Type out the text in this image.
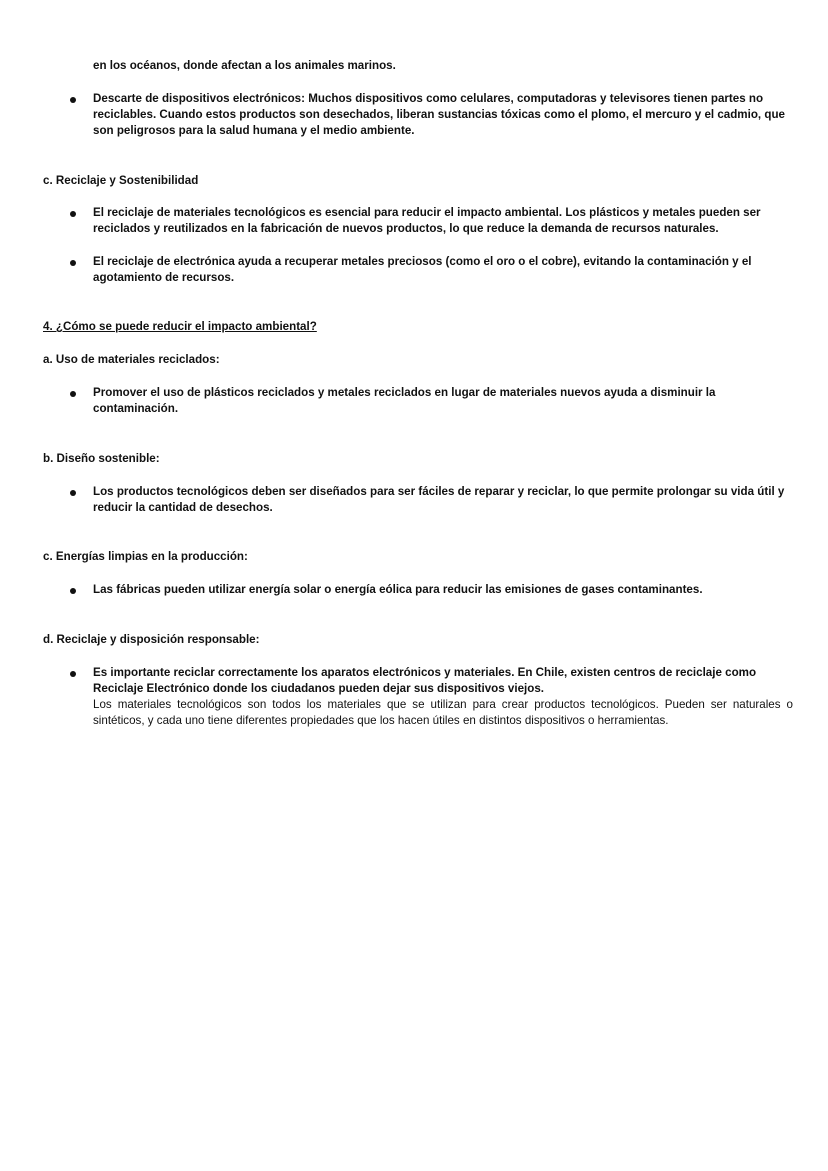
en los océanos, donde afectan a los animales marinos.
Descarte de dispositivos electrónicos: Muchos dispositivos como celulares, computadoras y televisores tienen partes no reciclables. Cuando estos productos son desechados, liberan sustancias tóxicas como el plomo, el mercuro y el cadmio, que son peligrosos para la salud humana y el medio ambiente.
c. Reciclaje y Sostenibilidad
El reciclaje de materiales tecnológicos es esencial para reducir el impacto ambiental. Los plásticos y metales pueden ser reciclados y reutilizados en la fabricación de nuevos productos, lo que reduce la demanda de recursos naturales.
El reciclaje de electrónica ayuda a recuperar metales preciosos (como el oro o el cobre), evitando la contaminación y el agotamiento de recursos.
4. ¿Cómo se puede reducir el impacto ambiental?
a. Uso de materiales reciclados:
Promover el uso de plásticos reciclados y metales reciclados en lugar de materiales nuevos ayuda a disminuir la contaminación.
b. Diseño sostenible:
Los productos tecnológicos deben ser diseñados para ser fáciles de reparar y reciclar, lo que permite prolongar su vida útil y reducir la cantidad de desechos.
c. Energías limpias en la producción:
Las fábricas pueden utilizar energía solar o energía eólica para reducir las emisiones de gases contaminantes.
d. Reciclaje y disposición responsable:
Es importante reciclar correctamente los aparatos electrónicos y materiales. En Chile, existen centros de reciclaje como Reciclaje Electrónico donde los ciudadanos pueden dejar sus dispositivos viejos.
Los materiales tecnológicos son todos los materiales que se utilizan para crear productos tecnológicos. Pueden ser naturales o sintéticos, y cada uno tiene diferentes propiedades que los hacen útiles en distintos dispositivos o herramientas.
